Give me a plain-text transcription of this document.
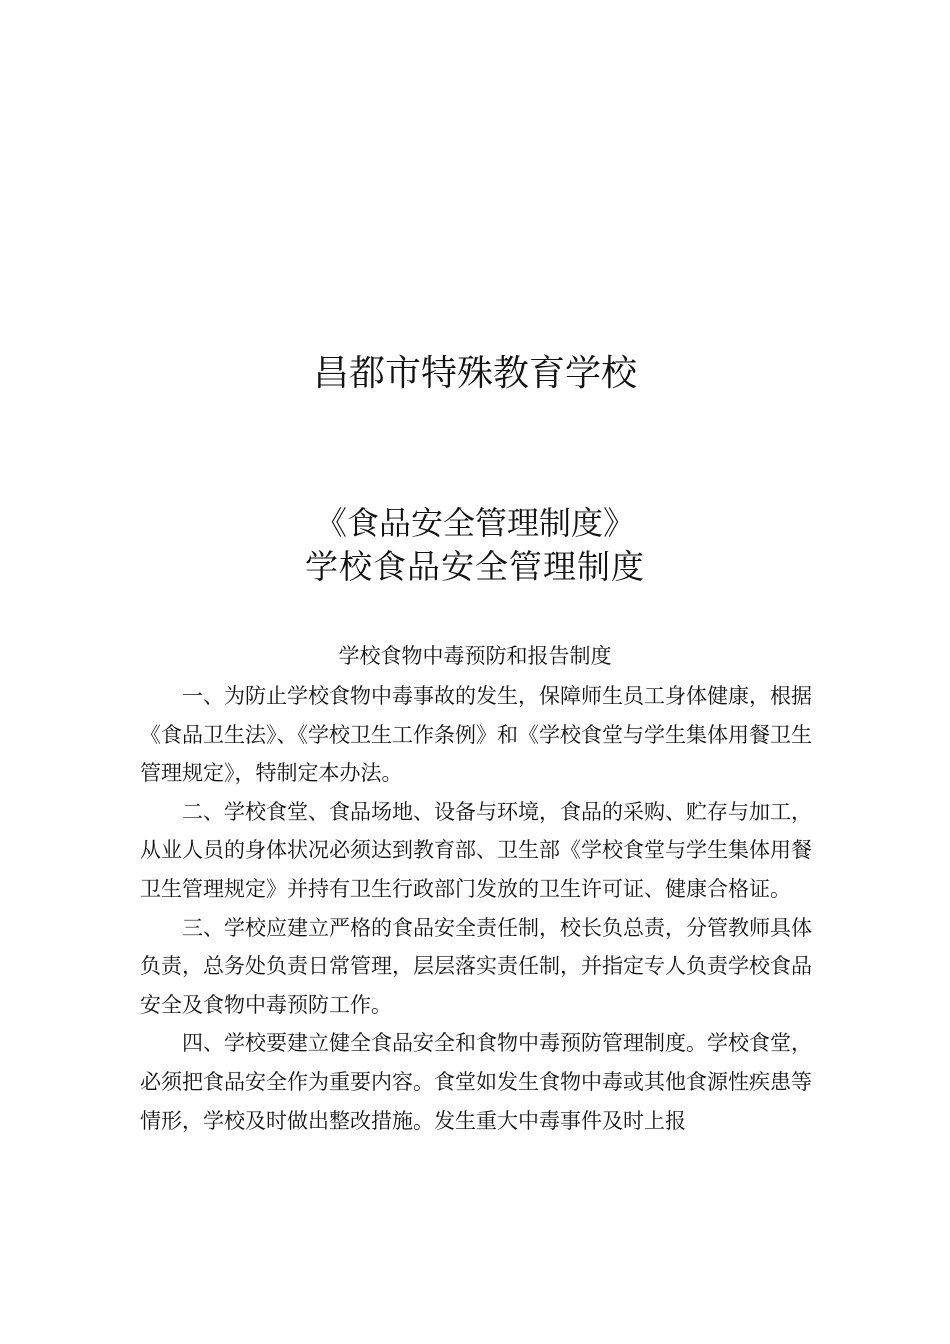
昌都市特殊教育学校
《食品安全管理制度》
学校食品安全管理制度
学校食物中毒预防和报告制度

一、为防止学校食物中毒事故的发生，保障师生员工身体健康，根据《食品卫生法》、《学校卫生工作条例》和《学校食堂与学生集体用餐卫生管理规定》，特制定本办法。

二、学校食堂、食品场地、设备与环境，食品的采购、贮存与加工，从业人员的身体状况必须达到教育部、卫生部《学校食堂与学生集体用餐卫生管理规定》并持有卫生行政部门发放的卫生许可证、健康合格证。

三、学校应建立严格的食品安全责任制，校长负总责，分管教师具体负责，总务处负责日常管理，层层落实责任制，并指定专人负责学校食品安全及食物中毒预防工作。

四、学校要建立健全食品安全和食物中毒预防管理制度。学校食堂，必须把食品安全作为重要内容。食堂如发生食物中毒或其他食源性疾患等情形，学校及时做出整改措施。发生重大中毒事件及时上报
